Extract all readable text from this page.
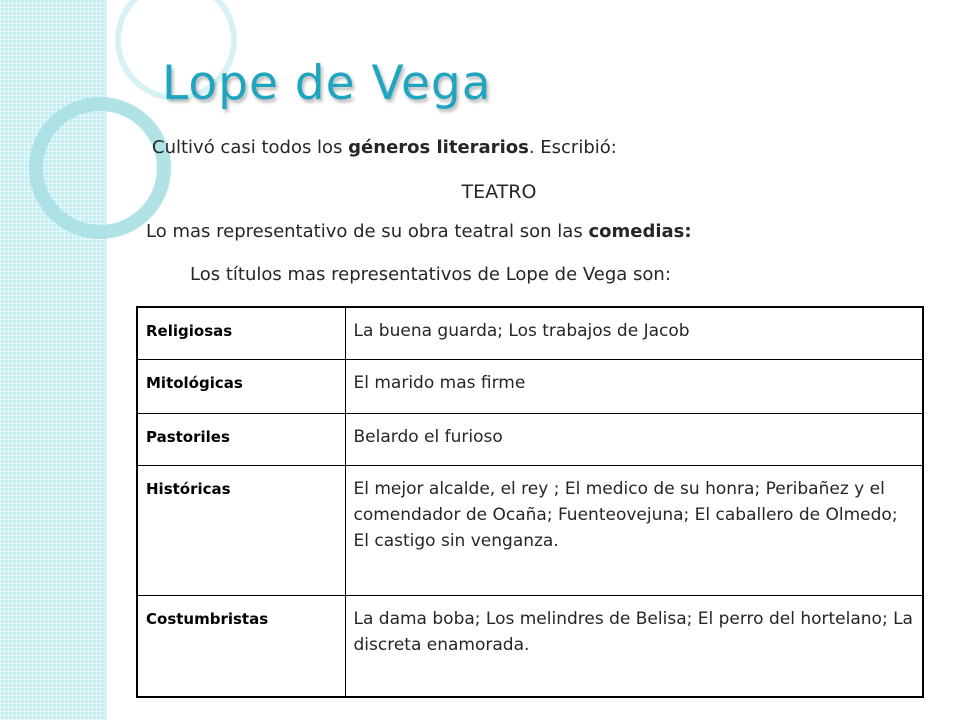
Lope de Vega

Cultivó casi todos los géneros literarios. Escribió:

TEATRO

Lo mas representativo de su obra teatral son las comedias:

Los títulos mas representativos de Lope de Vega son:

Religiosas	La buena guarda; Los trabajos de Jacob
Mitológicas	El marido mas firme
Pastoriles	Belardo el furioso
Históricas	El mejor alcalde, el rey ; El medico de su honra; Peribañez y el comendador de Ocaña; Fuenteovejuna; El caballero de Olmedo; El castigo sin venganza.
Costumbristas	La dama boba; Los melindres de Belisa; El perro del hortelano; La discreta enamorada.
